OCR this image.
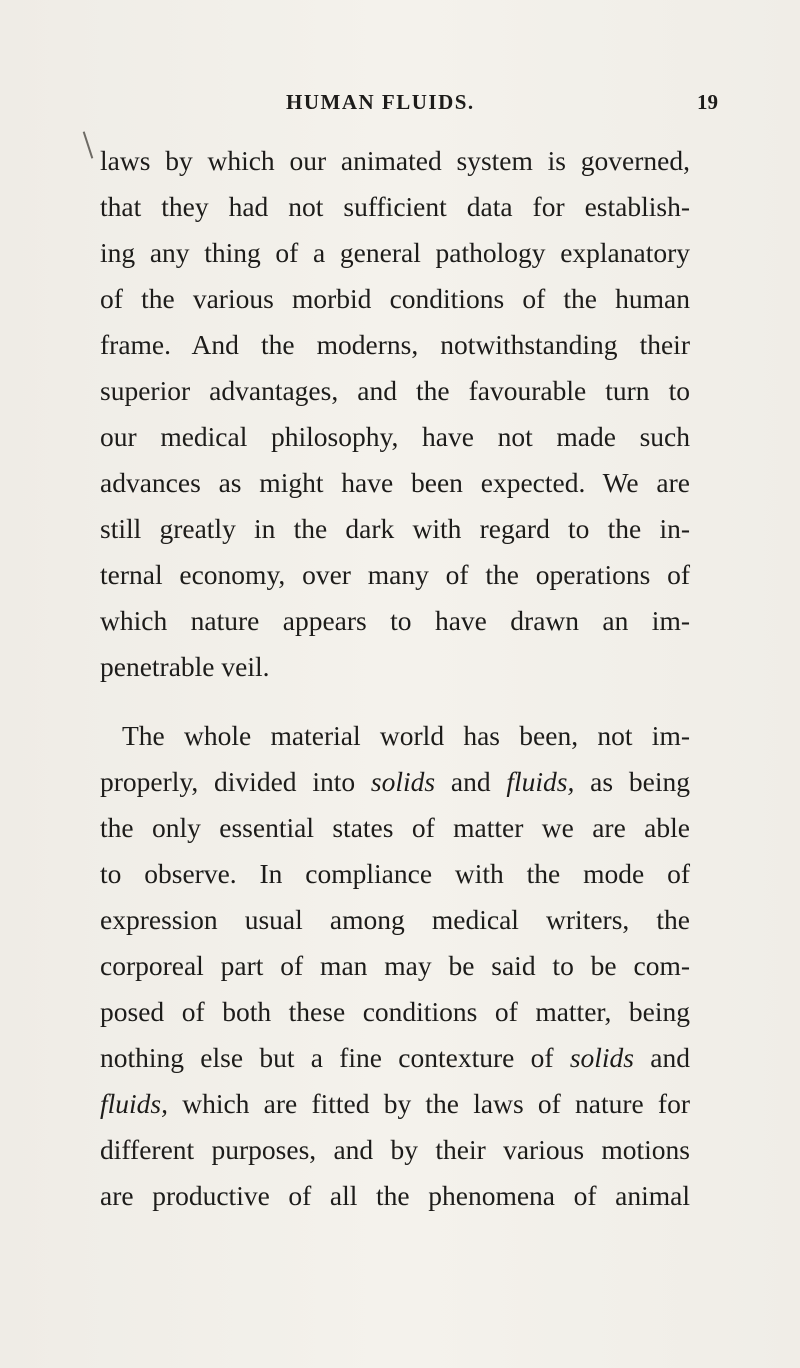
HUMAN FLUIDS.	19
laws by which our animated system is governed,
that they had not sufficient data for establish-
ing any thing of a general pathology explanatory
of the various morbid conditions of the human
frame. And the moderns, notwithstanding their
superior advantages, and the favourable turn to
our medical philosophy, have not made such
advances as might have been expected. We are
still greatly in the dark with regard to the in-
ternal economy, over many of the operations of
which nature appears to have drawn an im-
penetrable veil.
The whole material world has been, not im-
properly, divided into solids and fluids, as being
the only essential states of matter we are able
to observe. In compliance with the mode of
expression usual among medical writers, the
corporeal part of man may be said to be com-
posed of both these conditions of matter, being
nothing else but a fine contexture of solids and
fluids, which are fitted by the laws of nature for
different purposes, and by their various motions
are productive of all the phenomena of animal
